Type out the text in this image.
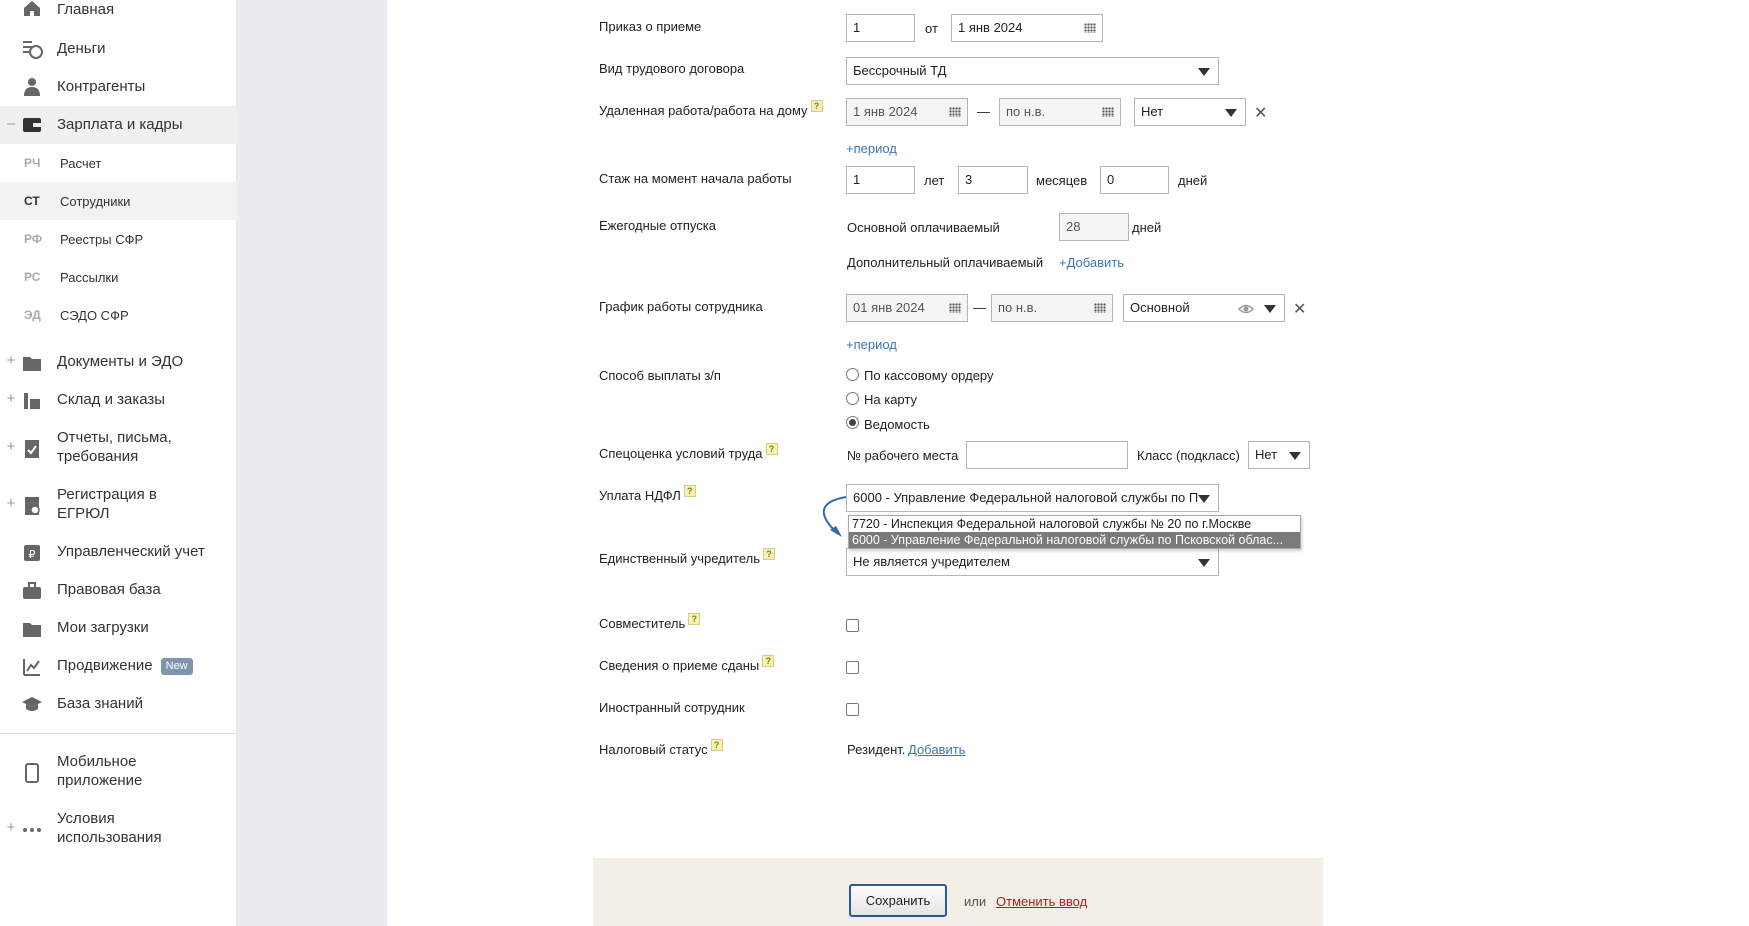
Главная
Деньги
Контрагенты
–	Зарплата и кадры
РЧ Расчет
СТ Сотрудники
РФ Реестры СФР
РС Рассылки
ЭД СЭДО СФР
+	Документы и ЭДО
+	Склад и заказы
+
Отчеты, письма,
требования
+
Регистрация в
ЕГРЮЛ
₽ Управленческий учет
Правовая база
Мои загрузки
Продвижение New
База знаний
Мобильное
приложение
+
Условия
использования
Приказ о приеме	1	от	1 янв 2024
Вид трудового договора	Бессрочный ТД
Удаленная работа/работа на дому ?	1 янв 2024	—	по н.в.	Нет	✕
+период
Стаж на момент начала работы	1	лет	3	месяцев	0	дней
Ежегодные отпуска	Основной оплачиваемый	28	дней
Дополнительный оплачиваемый +Добавить
График работы сотрудника	01 янв 2024	— по н.в.	Основной	✕
+период
Способ выплаты з/п	По кассовому ордеру
На карту
Ведомость
Спецоценка условий труда ?	№ рабочего места	Класс (подкласс)	Нет
Уплата НДФЛ ?	6000 - Управление Федеральной налоговой службы по П
Единственный учредитель ?	Не является учредителем
7720 - Инспекция Федеральной налоговой службы № 20 по г.Москве
6000 - Управление Федеральной налоговой службы по Псковской облас...
Совместитель ?
Сведения о приеме сданы ?
Иностранный сотрудник
Налоговый статус ?	Резидент. Добавить
Сохранить	или Отменить ввод
